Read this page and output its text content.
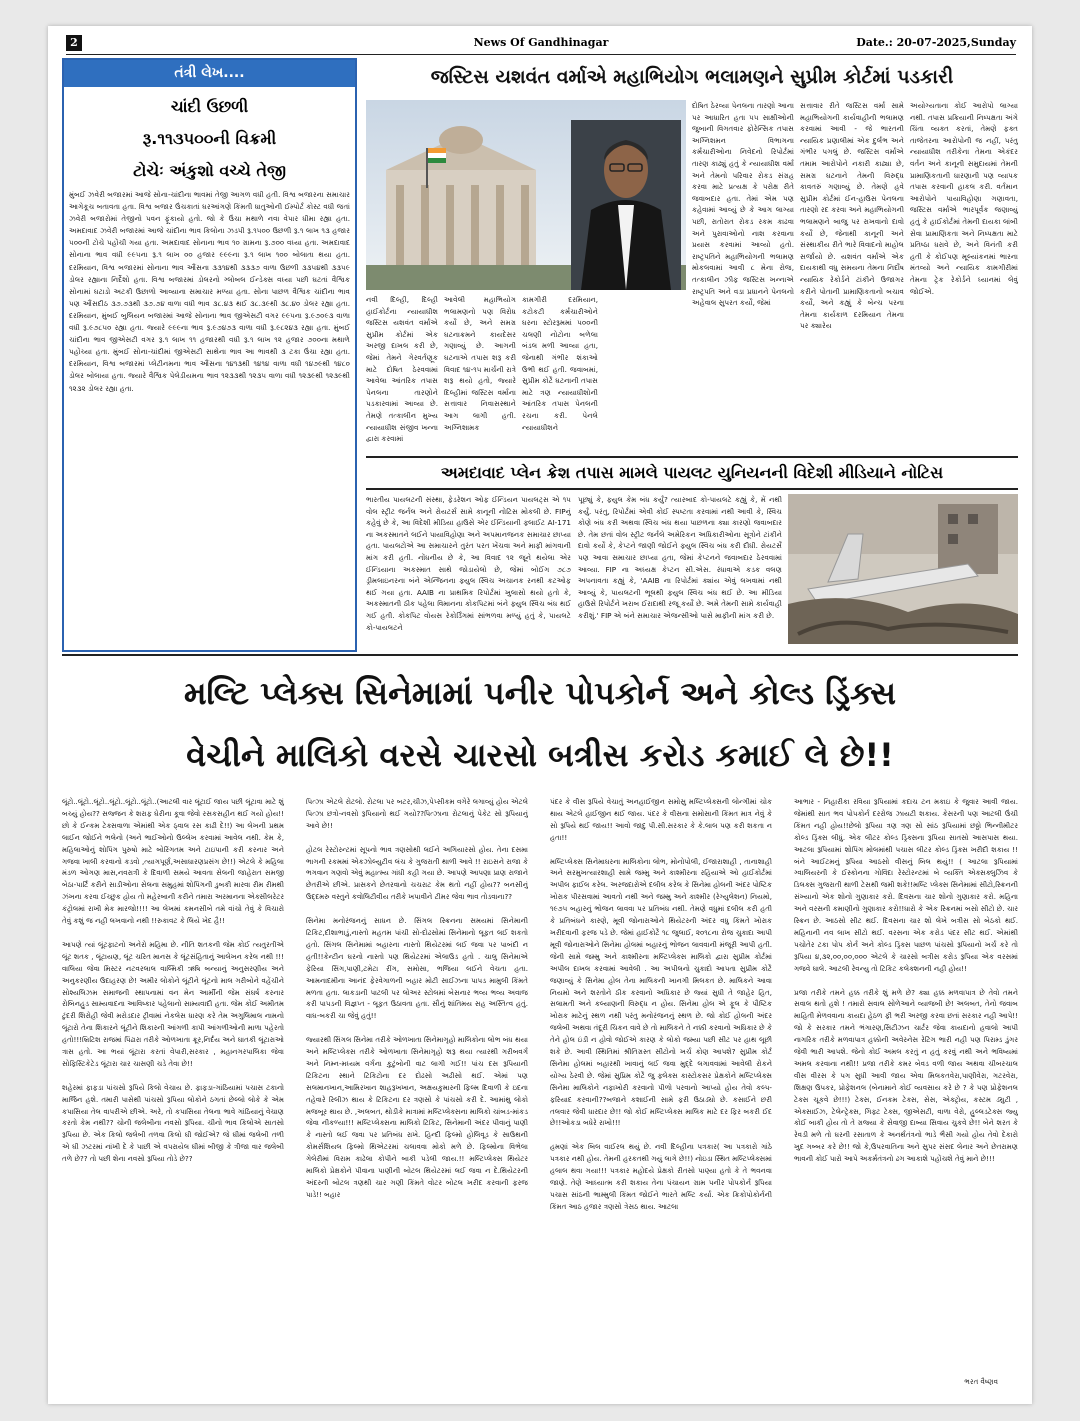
2	News Of Gandhinagar	Date.: 20-07-2025,Sunday
તંત્રી લેખ....
ચાંદી ઉછળી
રૂ.૧૧૩૫૦૦ની વિક્રમી
ટોચેઃ અંકુશો વચ્ચે તેજી
મુંબઈ ઝવેરી બજારમાં આજે સોના-ચાંદીના ભાવમાં તેજી આગળ વધી હતી. વિશ્વ બજારના સમાચાર આગેકૂચ બતાવતા હતા. વિશ્વ બજાર ઉંચકાતાં ઘરઆંગણે કિંમતી ધાતુઓની ઈમ્પોર્ટ કોસ્ટ વધી જતાં ઝવેરી બજારોમાં તેજીનો પવન ફૂંકાયો હતો. જો કે ઉંચા મથાળે નવા વેપાર ધીમા રહ્યા હતા. અમદાવાદ ઝવેરી બજારમાં આજે ચાંદીના ભાવ કિલોના ઝડપી રૂ.૧૫૦૦ ઉછળી રૂ.૧ લાખ ૧૩ હજાર ૫૦૦ની ટોચે પહોંચી ગયા હતા. અમદાવાદ સોનાના ભાવ ૧૦ ગ્રામના રૂ.૭૦૦ વધ્યા હતા. અમદાવાદ સોનાના ભાવ વધી ૯૯૫ના રૂ.૧ લાખ ૦૦ હજાર ૯૯૯ના રૂ.૧ લાખ ૧૦૦ બોલાતા થયા હતા. દરમિયાન, વિશ્વ બજારમાં સોનાના ભાવ ઔંસના ૩૩૧૪થી ૩૩૩૭ વાળા ઉછળી ૩૩૫૪થી ૩૩૫૯ ડોલર રહ્યાના નિર્દેશો હતા. વિશ્વ બજારમાં ડોલરનો ગ્લોબલ ઈન્ડેક્સ વધ્યા પછી ઘટતાં વૈશ્વિક સોનામાં ઘટાડો અટકી ઉછાળો આવ્યાના સમાચાર મળ્યા હતા. સોના પાછળ વૈશ્વિક ચાંદીના ભાવ પણ ઔંસદીઠ ૩૭.૭૩થી ૩૭.૭૪ વાળા વધી ભાવ ૩૮.૪૩ થઈ ૩૮.૩૯થી ૩૮.૪૦ ડોલર રહ્યા હતા. દરમિયાન, મુંબઈ બુલિયન બજારમાં આજે સોનાના ભાવ જીએસટી વગર ૯૯૫ના રૂ.૯૭૦૯૩ વાળા વધી રૂ.૯૭૮૫૦ રહ્યા હતા. જ્યારે ૯૯૯ના ભાવ રૂ.૯૭૪૭૩ વાળા વધી રૂ.૯૮૨૪૩ રહ્યા હતા. મુંબઈ ચાંદીના ભાવ જીએસટી વગર રૂ.૧ લાખ ૧૧ હજારથી વધી રૂ.૧ લાખ ૧૨ હજાર ૭૦૦ના મથાળે પહોંચ્યા હતા. મુંબઈ સોના-ચાંદીમાં જીએસટી સાથેના ભાવ આ ભાવથી ૩ ટકા ઉંચા રહ્યા હતા. દરમિયાન, વિશ્વ બજારમાં પ્લેટીનમના ભાવ ઔંસના ૧૪૧૩થી ૧૪૧૪ વાળા વધી ૧૪૭૯થી ૧૪૮૦ ડોલર બોલાયા હતા. જ્યારે વૈશ્વિક પેલેડીયમના ભાવ ૧૨૩૩થી ૧૨૩૫ વાળા વધી ૧૨૩૯થી ૧૨૩૯થી ૧૨૩૨ ડોલર રહ્યા હતા.
જસ્ટિસ યશવંત વર્માએ મહાભિયોગ ભલામણને સુપ્રીમ કોર્ટમાં પડકારી
નવી દિલ્હી, દિલ્હી હાઈકોર્ટના ન્યાયાધીશ જસ્ટિસ યશવંત વર્માએ સુપ્રીમ કોર્ટમાં એક અરજી દાખલ કરી છે, જેમાં તેમને ગેરવર્તણૂક માટે દોષિત ઠેરવવામાં આવેલા આંતરિક તપાસ પેનલના તારણોને પડકારવામાં આવ્યા છે. તેમણે તત્કાલીન મુખ્ય ન્યાયાધીશ સંજીવ ખન્ના દ્વારા કરવામાં
આવેલી મહાભિયોગ ભલામણનો પણ વિરોધ કર્યો છે, અને સમગ્ર ઘટનાક્રમને કાયદેસર ગણાવ્યું છે. આગની ઘટનાએ તપાસ શરૂ કરી વિવાદ ૧૪-૧૫ માર્ચની રાત્રે શરૂ થયો હતો, જ્યારે દિલ્હીમાં જસ્ટિસ વર્માના સત્તાવાર નિવાસસ્થાને આગ લાગી હતી. અગ્નિશામક
કામગીરી દરમિયાન, કટોકટી કર્મચારીઓને ઘરના સ્ટોરરૂમમાં ૫૦૦ની ચલણી નોટોના બળેલા બંડલ મળી આવ્યા હતા, જેનાથી ગંભીર શંકાઓ ઉભી થઈ હતી. જવાબમાં, સુપ્રીમ કોર્ટે ઘટનાની તપાસ માટે ત્રણ ન્યાયાધીશોની આંતરિક તપાસ પેનલની રચના કરી. પેનલે ન્યાયાધીશને
દોષિત ઠેરવ્યા પેનલના તારણો આના પર આધારિત હતા ૫૫ સાક્ષીઓની જુબાની વિગતવાર ફોરેન્સિક તપાસ અગ્નિશમન વિભાગના કર્મચારીઓના નિવેદનો રિપોર્ટમાં તારણ કાઢ્યું હતું કે ન્યાયાધીશ વર્મા અને તેમનો પરિવાર રોકડ સંગ્રહ કરવા માટે પ્રત્યક્ષ કે પરોક્ષ રીતે જવાબદાર હતા. તેમાં એમ પણ કહેવામાં આવ્યું છે કે આગ લાગ્યા પછી, રાતોરાત રોકડ રકમ કાઢવા અને પુરાવાઓનો નાશ કરવાના પ્રયાસ કરવામાં આવ્યો હતો. રાષ્ટ્રપતિને મહાભિયોગની ભલામણ મોકલવામાં આવી ૮ મેના રોજ, તત્કાલીન ઝીફ જસ્ટિસ ખન્નાએ રાષ્ટ્રપતિ અને વડા પ્રધાનને પેનલનો અહેવાલ સુપરત કર્યો, જેમાં
સત્તાવાર રીતે જસ્ટિસ વર્મા સામે મહાભિયોગની કાર્યવાહીની ભલામણ કરવામાં આવી - જે ભારતની ન્યાયિક પ્રણાલીમાં એક દુર્લભ અને ગંભીર પગલું છે. જસ્ટિસ વર્માએ તમામ આરોપોને નકારી કાઢ્યા છે, સમગ્ર ઘટનાને તેમની વિરુદ્ધ કાવતરું ગણાવ્યું છે. તેમણે હવે સુપ્રીમ કોર્ટમાં ઈન-હાઉસ પેનલના તારણો રદ કરવા અને મહાભિયોગની ભલામણને બાજુ પર રાખવાનો દાવો કર્યો છે, જેનાથી કાનૂની અને સંસ્થાકીય રીતે ભારે વિવાદનો માહોલ સર્જાયો છે. યશવંત વર્માએ એક દાયકાથી વધુ સમયના તેમના નિર્દોષ ન્યાયિક રેકોર્ડને ટાંકીને ઉજાગર કરીને પોતાની પ્રામાણિકતાનો બચાવ કર્યો, અને કહ્યું કે બેન્ચ પરના તેમના કાર્યકાળ દરમિયાન તેમના પર ક્યારેય
અયોગ્યતાના કોઈ આરોપો લાગ્યા નથી. તપાસ પ્રક્રિયાની નિષ્પક્ષતા અંગે ચિંતા વ્યક્ત કરતાં, તેમણે ફક્ત તાજેતરના આરોપોની જ નહીં, પરંતુ ન્યાયાધીશ તરીકેના તેમના એકંદર વર્તન અને કાનૂની સમુદાયમાં તેમની પ્રામાણિકતાની ધારણાની પણ વ્યાપક તપાસ કરવાની હાકલ કરી. વર્તમાન આરોપોને પાયાવિહોણા ગણાવતા, જસ્ટિસ વર્માએ ભારપૂર્વક જણાવ્યું હતું કે હાઈકોર્ટમાં તેમની દાયકા લાંબી સેવા પ્રામાણિકતા અને નિષ્પક્ષતા માટે પ્રતિષ્ઠા ધરાવે છે, અને વિનંતી કરી હતી કે કોઈપણ મૂલ્યાંકનમાં ભારના મંતવ્યો અને ન્યાયિક કામગીરીમાં તેમના ટ્રેક રેકોર્ડને ધ્યાનમાં લેવું જોઈએ.
અમદાવાદ પ્લેન ક્રેશ તપાસ મામલે પાયલટ યુનિયનની વિદેશી મીડિયાને નોટિસ
ભારતીય પાયલટની સંસ્થા, ફેડરેશન ઓફ ઈન્ડિયન પાયલટ્સ એ ૧૫ વોલ સ્ટ્રીટ જર્નલ અને રોયટર્સ સામે કાનૂની નોટિસ મોકલી છે. FIPનું કહેવું છે કે, આ વિદેશી મીડિયા હાઉસે એર ઈન્ડિયાની ફ્લાઈટ AI-171 ના અકસ્માતને લઈને પાયાવિહોણા અને અપમાનજનક સમાચાર છાપ્યા હતા. પાયલટોએ આ સમાચારને તુરંત પરત ખેંચવા અને માફી માંગવાની માંગ કરી હતી. નોંધનીય છે કે, આ વિવાદ ૧૨ જૂને થયેલા એર ઈન્ડિયાના અકસ્માત સાથે જોડાયેલો છે, જેમાં બોઈંગ ૭૮૭ ડ્રીમલાઇનરના બંને એન્જિનના ફ્યુલ સ્વિચ અચાનક રનથી કટઓફ થઈ ગયા હતા. AAIB ના પ્રાથમિક રિપોર્ટમાં ખુલાસો થયો હતો કે, અકસ્માતની ઠીક પહેલા વિમાનના કોકપિટમાં બંને ફ્યુલ સ્વિચ બંધ થઈ ગઈ હતી. કોકપિટ વોયસ રેકોર્ડિંગમાં સાંભળવા મળ્યું હતું કે, પાયલટે કો-પાયલટને
પૂછ્યું કે, ફ્યુલ કેમ બંધ કર્યું? ત્યારબાદ કો-પાયલટે કહ્યું કે, મેં નથી કર્યું. પરંતુ, રિપોર્ટમાં એવી કોઈ સ્પષ્ટતા કરવામાં નથી આવી કે, સ્વિચ કોણે બંધ કરી અથવા સ્વિચ બંધ થયા પાછળના ક્યા કારણો જવાબદાર છે. તેમ છતાં વોલ સ્ટ્રીટ જર્નલે અમેરિકન અધિકારીઓના સૂત્રોને ટાંકીને દાવો કર્યો કે, કેપ્ટને જાણી જોઈને ફ્યુલ સ્વિચ બંધ કરી દીધી. રોયટર્સે પણ આવા સમાચાર છાપ્યા હતા, જેમાં કેપ્ટનને જવાબદાર ઠેરવવામાં આવ્યા. FIP ના અધ્યક્ષ કેપ્ટન સી.એસ. રંધાવાએ કડક વલણ અપનાવતા કહ્યું કે, 'AAIB ના રિપોર્ટમાં ક્યાંય એવું લખવામાં નથી આવ્યું કે, પાયલટની ભૂલથી ફ્યુલ સ્વિચ બંધ થઈ છે. આ મીડિયા હાઉસે રિપોર્ટને ખરાબ ઈરાદાથી રજૂ કર્યો છે. અમે તેમની સામે કાર્યવાહી કરીશું.' FIP એ બંને સમાચાર એજન્સીઓ પાસે માફીની માંગ કરી છે.
મલ્ટિ પ્લેક્સ સિનેમામાં પનીર પોપકોર્ન અને કોલ્ડ ડ્રિંક્સ
વેચીને માલિકો વરસે ચારસો બત્રીસ કરોડ કમાઈ લે છે!!
લૂંટો..લૂંટો..લૂંટો..લૂંટો..લૂંટો..લૂંટો..(આટલી વાર લૂંટાઈ જાય પછી લૂંટાવા માટે શું બચ્યું હોય?? સજ્જન કે શરાફ ઘેરીના કૂવા જેવો રસકસહીન થઈ ગયો હોય!!છો કે ઈન્કમ ટેક્સવાળા એમાંથી એક ઠ્વાલ રસ કાઢી દે!!) આ લેખની પ્રથમ લાઈન જોઈને ભલેનો (અને ભાઈઓનો ઉલ્લેખ કરવામાં આવેલ નથી. કેમ કે, મહિલાઓનું શોપિંગ પુરુષો માટે બોરિંગતમ અને ટાઇપાની કરી કરનાર અને ગજવા ખાલી કરવાનો કડવો ,ત્યાગપૂર્ણ,અસાધારણપ્રસંગ છે!!) એટલે કે મહિલા મંડળ ઓગણ માસ,નવરાત્રી કે દિવાળી સમયે આવતા સેલની જાહેરાત સમજી બેઠા-પાર્ટિ કરીને સાડીઓના સેલના સમુહમાં શોપિંગની ડુબકી મારવા રીમ રીમથી ઝંખના કરવા ઈચ્છુક હોય તો મહેરબાની કરીને તમારા અરમાનના એક્સીલરેટર કંટ્રોલમાં રાખી મેક મારજો!!!! આ લેખમાં કમનસીબે તમે વાંચો તેવું કે વિચારો તેવું કશું જ નહી લખવાનો નથી !!રુકાવટ કે લિયે ખેદ હૈ!!

આપણે ત્યાં લૂંટફાટનો અનેરો મહિમા છે. નીતિ શતકની જેમ કોઈ ત્યતુરતીએ લૂંટ શતક , લૂંટાયણ, લૂંટ ચરિત માનસ કે લૂંટસંહિતાનું આલેખન કરેલ નથી !!!વાલિયા જેવા મિસ્ટર નટવરલાલ વાલ્મિકી ઋષિ બન્યાનું અનુસરણીય અને અનુકરણીય ઉદાહરણ છે! અમીર લોકોને લૂંટીને લૂંટનો માલ ગરીબોને વહેંચીને સોશ્યલિઝમ સમાજની સ્થાપનામાં વન મેન આર્મીની જેમ સંઘર્ષ કરનાર રોબિનહુડ સામ્યવાદના આવિષ્કાર પહેલાનો સામ્યવાદી હતા. જેમ કોઈ અમીતમ ટુંદરી શિરોહી જેવી મરોડદાર ટ્રીવામાં નેકલેસ ધારણ કરે તેમ અગુલિમાલ નામનો લૂંટારો તેના શિકારને લૂંટીને શિકારની આંગળી કાપી આંગળીઓની માળા પહેરતો હતો!!!બ્રિટિશ રાજમાં પિંઢારા તરીકે ઓળખાતા ક્રૂર,નિર્દય અને ઘાતકી લૂંટારાઓ ત્રાસ હતો. આ ભયાં લૂંટારા કરતાં વેપારી,સરકાર , મહાનગરપાલિકા જેવા સોફિસ્ટિકેટેડ લૂંટારા ચાર ચાસણી ચડે તેવા છે!!

શહેરમાં ફાફડા પાંચસો રૂપિયે કિલો વેચાય છે. ફાફડા-ગાંઠિયામાં પચાસ ટકાનો માર્જિન હશે. તમારી પાસેથી પાંચસો રૂપિયા લોકોને ઠગતાં છેલ્લો લોકે કે એમ કપાસિયા તેલ વાપરીએ છીએ. અરે, તો કપાસિયા તેલના ભાવે ગાંઠિયાનું વેચાણ કરતો કેમ નથી?? ચોની જલેબીના નવસો રૂપિયા. ચીનો ભાવ કિલોએ સાતસો રૂપિયા છે. એક કિલો જલેબી તળવા કિલો ઘી જોઈએ? જે ઘીમાં જલેબી તળી એ ઘી ઝટરમાં નાંખી દે કે પાછી એ વપરાયેલ ઘીમાં બીજી કે ત્રીજા વાર જલેબી તળે છે?? તો પછી શેના નવસો રૂપિયા તોડે છે??
પિત્ઝા એટલે રોટલો. રોટલા પર બટર,ચીઝ,પેપ્સીકમ વગેરે લગાવ્યું હોય એટલે પિત્ઝા છત્રો-નવસો રૂપિયાનો થઈ ગયો??પિત્ઝાના રોટલાનું પેકેટ સો રૂપિયાનું આવે છે!!

હોટલ રેસ્ટોરન્ટમાં સૂપનો ભાવ ત્રણસોથી લઈને અગિયારસો હોય. તેના દસમા ભાગની રકમમાં એકઝોલ્યુટીવ લંચ કે ગુજરાતી થાળી આવે !! રાઇસને રાજા કે ભગવાન ગણવો એવું મહાત્મ્ય ગાંધી કહી ગયા છે. આપણે આપણા પ્રાણ રાજાને છેતરીએ છીએ. પ્રાસકને છેતરવાનો ચચરાટ કેમ થતો નહીં હોય?? બનસીનું ઉદ્દમરુ વસ્તુને કવોલિટીવીય તરીકે ખપાવીને ટીમર જેવા ભાવ તોડવાના??

સિનેમા મનોરંજનનું સાધન છે. સિંગલ સ્ક્રિનના સમયમાં સિનેમાની ટિકિટ,દીશાભાડું,નાસ્તો મહતમ પાંચી સો-દોઢસોમાં સિનેમાનો લૂફત લઈ શકતો હતો. સિંગલ સિનેમામાં બહારના નાસ્તો થિયેટરમાં લઈ જવા પર પાબંદી ન હતી!!કેન્ટીન ઘરનો નાસ્તો પણ થિયેટરમાં એલાઉડ હતો . ચાલુ સિનેમાએ ફેરિયા સિંગ,પાણી,ટમેટા રીંગ, સમોસા, ભજિયા લઈને વેચતા હતા. આમનાદમીના આનંદ ફેરવેગાળની બહાર મોટી સાઈઝના પાપડ મામુલી કિંમતે મળતા હતા. લાકડાની પાટલી પર લોઅર સ્ટોલમાં બેસનાર ભવ્ય ભવ્ય અવાજ કરી પાપડની વિજ્ઞપ્ત - લૂફત ઉઠાવતા હતા. સૌનું શાંતિમય સહ અસ્તિત્વ હતું. વાઘ-બકરી ચા જેવું હતું!!

જ્યારથી સિંગલ સિનેમા તરીકે ઓળખાતા સિનેમાગૃહો માલિકોના લોભ બંધ થયા અને મલ્ટિપ્લેક્સ તરીકે ઓળખાતા સિનેમાગૃહો શરૂ થયા ત્યારથી ગરીબવર્ગ અને નિમ્ન-મધ્યમ વર્ગના કુટુંબોની વાટ લાગી ગઈ!! પાંચ દસ રૂપિયાની ટિકિટના સ્થાને ટિકિટોના દર દોઢસો અઢીસો થઈ. એમાં પણ સલમાનખાન,આમિરખાન શાહરૂખખાન, અક્ષયકુમારની ફિલ્મ દિવાળી કે ઇદના તહેવારે રિલીઝ થાય કે ટિકિટના દર ત્રણસો કે પાંચસો કરી દે. આમાંથુ લોકો મજબૂર થાય છે. ,અલબત, થોડીકે માત્રામાં મલ્ટિપ્લેક્સના માલિકો ચાંબડ-માંકડ જેવા નીકળ્યા!!! મલ્ટિપ્લેક્સના માલિકો ટિકિટ, સિનેમાની અંદર પીવાનું પાણી કે નાસ્તો લઈ જવા પર પ્રતિબંધ રાખે. હિન્દી ફિલ્મો હોલિવૂડ કે સાઉથની કોમર્સશિયલ ફિલ્મો થિએટરમાં ચલાવવા મોકો મળે છે. ફિલ્મોના વિભેલા ગેલેરીમાં વિરામ કાઢેલા કોપીને બાકી પડેલી જાય.!! મલ્ટિપ્લેક્સ થિયેટર માલિકો પ્રેક્ષકોને પીવાના પાણીની બોટલ થિયેટરમાં લઈ જવા ન દે.થિયેટરની અંદરની બોટલ ત્રણથી ચાર ગણી કિંમતે વોટર બોટલ ખરીદ કરવાની ફરજ પાડે!! બહાર
પંદર કે વીસ રૂપિયે વેચાતું અનહાઈજીન સમોસુ મલ્ટિપ્લેક્સની લોન્ગીમાં ચોક થાય એટલે હાઈજીન થઈ જાય. પંદર કે વીસના સમોસાની કિંમત માત્ર નેવું કે સો રૂપિયે થઈ જાય!! આવો જાદુ પી.સી.સરકાર કે કે.લાલ પણ કરી શકતા ન હતા!!

મલ્ટિપ્લેક્સ સિનેમાઘરના માલિકોના લોભ, મોનોપોલી, ઈજારાશાહી , તાનાશાહી અને સરમુખત્યારશાહી સામે જમ્મુ અને કાશ્મીરના રહિયાએ ઓ હાઈકોર્ટમાં અપીલ ફાઈલ કરેલ. અરજદારોએ દલીલ કરેલ કે સિનેમા હોલની અંદર પોષ્ટિક ખોરાક પીરસવામાં આવતો નથી અને જમ્મુ અને કાશ્મીર (રેગ્યુલેશન) નિયમો, ૧૯૭૫ બહારનું ભોજન લાવવા પર પ્રતિબંધ નથી. તેમણે વધુમાં દલીલ કરી હતી કે પ્રતિબંધને કારણે, મૂવી જોનારાઓને થિયેટરની અંદર વધુ કિંમતે ખોરાક ખરીદવાની ફરજ પડે છે. જેમાં હાઈકોર્ટે ૧૮ જુલાઈ, ૨૦૧૮ના રોજ ચુકાદા આપી મૂવી જોનારાઓને સિનેમા હોલમાં બહારનું ભોજન લાવવાની મંજૂરી આપી હતી. જેની સામે જમ્મુ અને કાશ્મીરના મલ્ટિપ્લેક્સ માલિકો દ્વારા સુપ્રીમ કોર્ટમાં અપીલ દાખલ કરવામાં આવેલી . આ અપીલનો ચુકાદો આપતા સુપ્રીમ કોર્ટે જણાવ્યું કે સિનેમા હોલ તેના માલિકની ખાનગી મિલકત છે. માલિકને આવા નિયમો અને શરતોને ઠીક કરવાનો અધિકાર છે જ્યાં સુધી તે જાહેર હિત, સલામતી અને કલ્યાણની વિરુદ્ધ ન હોય. સિનેમા હોલ એ ફૂલ કે પૌષ્ટિક ખોરાક માટેનું સ્થળ નથી પરંતુ મનોરંજનનું સ્થળ છે. જો કોઈ હોલની અંદર જલેબી અથવા તંદૂરી ચિકન વાવે છે તો માલિકને તે નક્કી કરવાનો અધિકાર છે કે તેને હોલ ઇંડી ન હોવો જોઈએ કારણ કે લોકો જમ્યા પછી સીટ પર હાથ લૂછી શકે છે. આવી સ્થિતિમાં શ્રીતિગ્રસ્ત સીટોનો ખર્ચ કોણ આપશે? સુપ્રીમ કોર્ટ સિનેમા હોલમાં બહારથી ખાવાનું લઈ જવા મુદ્દે લગાવવામાં આવેલી રોકને યોગ્ય ઠેરવી છે. જેમાં સુપ્રિમ કોર્ટે જુ ફ્લેક્સ કાસ્ટોકસર પ્રેક્ષકોને મલ્ટિપ્લેક્સ સિનેમા માલિકોને નફાખોરી કરવાનો પીળો પરવાનો આપ્યો હોય તેવો કલ્પ-ફરિયાદ કરવાની??બજાને કશાઈની સામે ફરી ઉઠાડ્યો છે. કસાઈને છરી તલવાર જેવી ધારદાર છે!! જો કોઈ મલ્ટિપ્લેક્સ માલિક માટે દર ફિર બકરી ઈદ છે!!ઓકડા બધેરે રાખો!!!

હમણાં એક બિલ વાઈરલ થયું છે. નવી દિલ્હીના પત્રકાર( આ પત્રકારો ગાંઠે પત્રકાર નથી હોય. તેમની હરકતથી ગયું લાગે છે!!) નોઇડા સ્થિત મલ્ટિપ્લેક્સમાં હલાલ થવા ગયા!!! પત્રકાર મહોદયે પ્રેક્ષકો રીતસો પાણ્યા હતો કે તે ભવનવા જાણે. તેણે આધ્યાત્મ કરી શકાય તેના પંચાયન ગ્રામ પનીર પોપકોર્ન રૂપિયા પચાસ સાંઠની ભામ્મુલી કિંમત જોઈને ભારતે મલ્ટિ કર્યા. એક ક્રિકોપોકોર્નની કિંમત આઠ હજાર ત્રણસો ત્રેસઠ થાય. આટલા
આભાર - નિહારીકા રવિયા રૂપિયામાં કદાચ ટન મકાઇ કે જુવાર આવી જાય. જેમાંથી સાત ભવ પોપકોર્ન દરરોજ ઝાયટી શકાય. કેસરની પણ આટલી ઉંચી કિંમત નહી હોય!!છેલો રૂપિયા ત્રણ ત્રણ સો સાંઠ રૂપિયામાં છઠ્ઠો ભિન્નીમીટર કોલ્ડ ડ્રિંક્સ લીધું. એક લીટર કોલ્ડ ડ્રિંક્સના રૂપિયા સાતસો આસપાસ થયા. આટલા રૂપિયામાં શોપિંગ મોલમાંથી પચાસ લીટર કોલ્ડ ડ્રિંક્સ ખરીદી શકાય !! બંને આઈટમનું રૂપિયા આઠસો વીસનું બિલ થયું!! ( આટલા રૂપિયામાં ગ્વાલિયરની કે ઈસ્કોનના ગોવિંદા રેસ્ટોરન્ટમાં બે વ્યક્તિ એક્સક્લુઝિવ કે ડિલક્સ ગુજરાતી થાળી ટેસથી જમી શકે!!મલ્ટિ પ્લેક્સ સિનેમામાં સીટો,સ્ક્રિનની સંખ્યાનો એક શોનો ગુણાકાર કરો. દિવસના ચાર શોનો ગુણાકાર કરો. મહિના અને વરસની કમાણીનો ગુણાકાર કરો!!ધારો કે એક સ્ક્રિનમાં બસો સીટો છે. ચાર સ્ક્રિન છે. આઠસો સીટ થઈ. દિવસના ચાર શો લેખે બત્રીસ સો બેઠકો થઈ. મહિનાની નવ લાખ સીટો થઈ. વરસના એક કરોડ પંદર સીટ થઈ. એમાંથી પચોતેર ટકા પોપ કોર્ન અને કોલ્ડ ડ્રિંક્સ પાછળ પાંચસો રૂપિયાનો ખર્ચ કરે તો રૂપિયા ૪,૩૨,૦૦,૦૦,૦૦૦ એટલે કે ચારસો બત્રીસ કરોડ રૂપિયા એક વરસમાં ગજવે ઘાલે. આટલી રેવન્યુ તો ટિકિટ કલેક્શનની નહી હોય!!

પ્રજા તરીકે તમને હક્ક તરીકે શું મળે છે? ક્યા હક્ક મળવાપાત્ર છે તેવો તમને સવાલ થતો હશે ! તમારો સવાલ સોળેઆને વ્યાજબી છે! અલબત, તેનો જવાબ માહિતી મેળવવાના કાયદા હેઠળ ફી ભરી અરજી કરવા છતાં સરકાર નહી આપે!! જો કે સરકાર તમને ભંગારણ,સિટીઝન ચાર્ટર જેવા કાયદાનો હવાલો આપી નાગરિક તરીકે મળવાપાત્ર હક્કોની અવેરનેસ રેટિંગ ભારી નહી પણ પિરામ્ડ ડુંગર જેવી ભારી આપશે. જેનો કોઈ અમલ કરતું ન હતું કરવું નથી અને ભવિષ્યમાં અમલ કરવાના નથી!! પ્રજા તરીકે કમર બેવડ વળી જાય અથવા ચીબરચાલ વીસ વીરસ કે પગ સુધી આવી જાય એવા મિલકતવેરા,પાણીવેરા, ગટરવેરા, શિક્ષણ ઉપકર, પ્રોફેશનલ (બેનામાને કોઈ વ્યવસાય કરે છે ? કે પણ પ્રોફેશનલ ટેક્સ ચૂકવે છે!!!) ટેક્સ, ઈનકમ ટેક્સ, સેસ, એક્ટ્રોય, કસ્ટમ ડ્યુટી , એક્સાઈઝ, ટેલેન્ટ્રેક્સ, ગિફ્ટ ટેક્સ, જીએસટી, વાળા વેરો, હુલ્લડટેક્સ જ્યુ કોઈ બાકી હોય તો તે ગ્રજ્યા કે સેવાજી દાબ્યા સિવાય ચુકવે છે!! બેને શરત કે રેવડી મળે તો ઘરની રસાતાળ કે અનર્થતંત્રનો ભાડે ભૈસી ગયો હોય તેવો દેકારો ખુદ ગબ્બર કરે છે!! જો કે,ઉપરવાતિના અને સુપર સંસદ લેનાર અને છેતરામણ ભાવની કોઈ પારો આપે અકર્મતંત્રનો ઢગ આકાશે પહોંચશે તેવું માને છે!!!
ભરત વૈષ્ણવ
